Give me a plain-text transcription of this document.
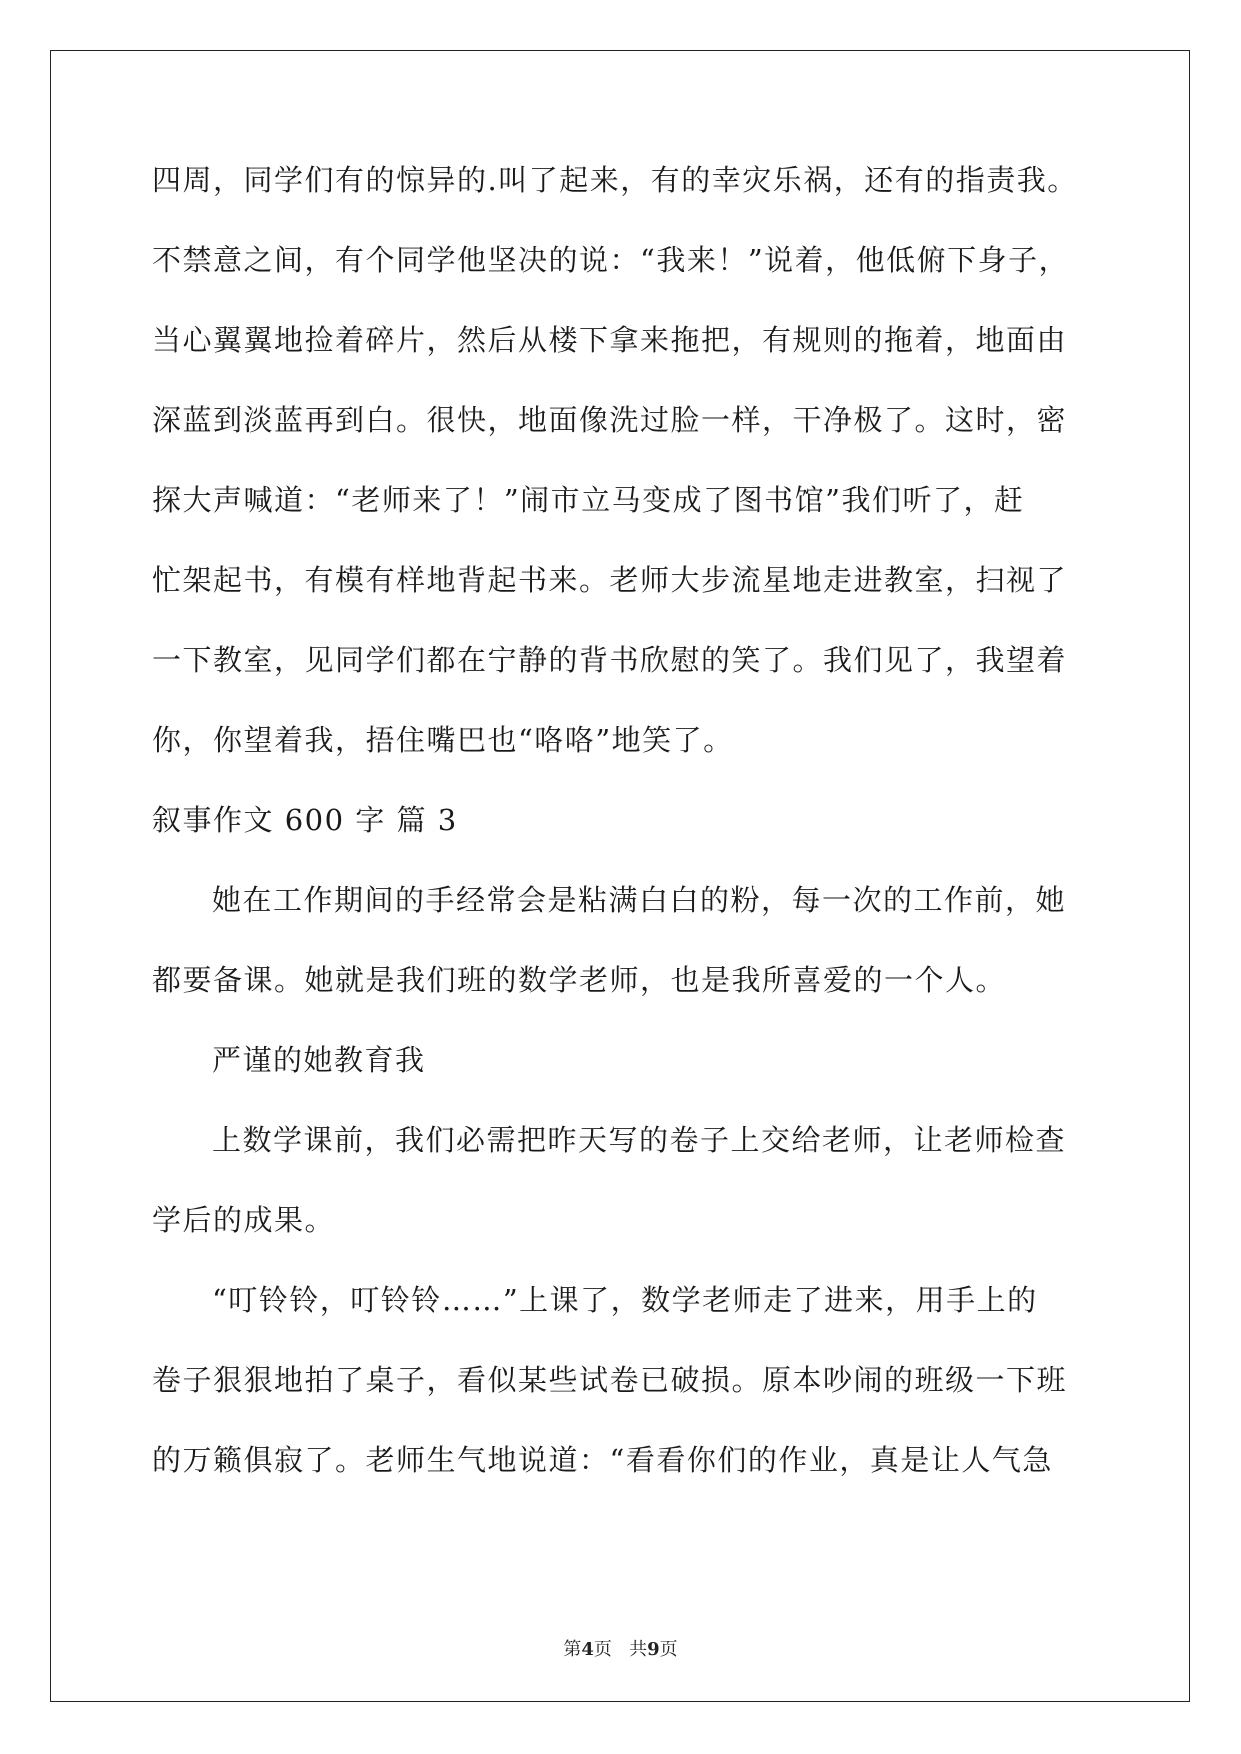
四周，同学们有的惊异的.叫了起来，有的幸灾乐祸，还有的指责我。
不禁意之间，有个同学他坚决的说：“我来！”说着，他低俯下身子，
当心翼翼地捡着碎片，然后从楼下拿来拖把，有规则的拖着，地面由
深蓝到淡蓝再到白。很快，地面像洗过脸一样，干净极了。这时，密
探大声喊道：“老师来了！”闹市立马变成了图书馆”我们听了，赶
忙架起书，有模有样地背起书来。老师大步流星地走进教室，扫视了
一下教室，见同学们都在宁静的背书欣慰的笑了。我们见了，我望着
你，你望着我，捂住嘴巴也“咯咯”地笑了。
叙事作文 600 字 篇 3
她在工作期间的手经常会是粘满白白的粉，每一次的工作前，她
都要备课。她就是我们班的数学老师，也是我所喜爱的一个人。
严谨的她教育我
上数学课前，我们必需把昨天写的卷子上交给老师，让老师检查
学后的成果。
“叮铃铃，叮铃铃……”上课了，数学老师走了进来，用手上的
卷子狠狠地拍了桌子，看似某些试卷已破损。原本吵闹的班级一下班
的万籁俱寂了。老师生气地说道：“看看你们的作业，真是让人气急
第4页 共9页
